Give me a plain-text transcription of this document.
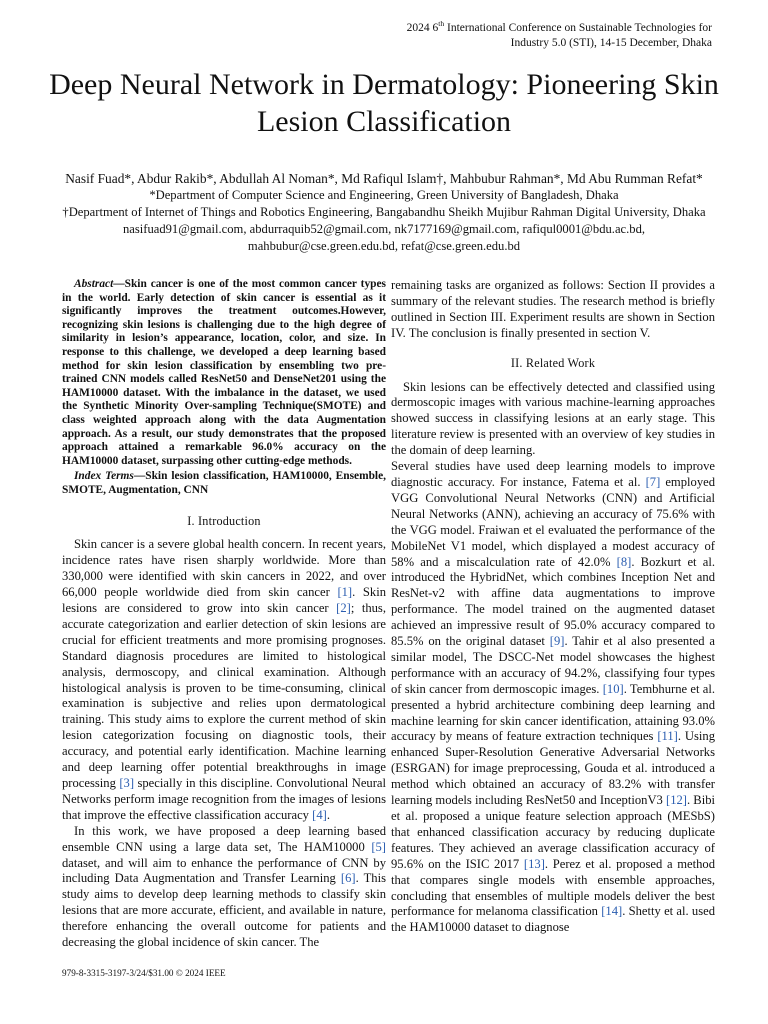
2024 6th International Conference on Sustainable Technologies for Industry 5.0 (STI), 14-15 December, Dhaka
Deep Neural Network in Dermatology: Pioneering Skin Lesion Classification
Nasif Fuad*, Abdur Rakib*, Abdullah Al Noman*, Md Rafiqul Islam†, Mahbubur Rahman*, Md Abu Rumman Refat*
*Department of Computer Science and Engineering, Green University of Bangladesh, Dhaka
†Department of Internet of Things and Robotics Engineering, Bangabandhu Sheikh Mujibur Rahman Digital University, Dhaka
nasifuad91@gmail.com, abdurraquib52@gmail.com, nk7177169@gmail.com, rafiqul0001@bdu.ac.bd,
mahbubur@cse.green.edu.bd, refat@cse.green.edu.bd

Abstract—Skin cancer is one of the most common cancer types in the world. Early detection of skin cancer is essential as it significantly improves the treatment outcomes.However, recognizing skin lesions is challenging due to the high degree of similarity in lesion’s appearance, location, color, and size. In response to this challenge, we developed a deep learning based method for skin lesion classification by ensembling two pre-trained CNN models called ResNet50 and DenseNet201 using the HAM10000 dataset. With the imbalance in the dataset, we used the Synthetic Minority Over-sampling Technique(SMOTE) and class weighted approach along with the data Augmentation approach. As a result, our study demonstrates that the proposed approach attained a remarkable 96.0% accuracy on the HAM10000 dataset, surpassing other cutting-edge methods.

Index Terms—Skin lesion classification, HAM10000, Ensemble, SMOTE, Augmentation, CNN

I. Introduction

Skin cancer is a severe global health concern. In recent years, incidence rates have risen sharply worldwide. More than 330,000 were identified with skin cancers in 2022, and over 66,000 people worldwide died from skin cancer [1]. Skin lesions are considered to grow into skin cancer [2]; thus, accurate categorization and earlier detection of skin lesions are crucial for efficient treatments and more promising prognoses. Standard diagnosis procedures are limited to histological analysis, dermoscopy, and clinical examination. Although histological analysis is proven to be time-consuming, clinical examination is subjective and relies upon dermatological training. This study aims to explore the current method of skin lesion categorization focusing on diagnostic tools, their accuracy, and potential early identification. Machine learning and deep learning offer potential breakthroughs in image processing [3] specially in this discipline. Convolutional Neural Networks perform image recognition from the images of lesions that improve the effective classification accuracy [4].

In this work, we have proposed a deep learning based ensemble CNN using a large data set, The HAM10000 [5] dataset, and will aim to enhance the performance of CNN by including Data Augmentation and Transfer Learning [6]. This study aims to develop deep learning methods to classify skin lesions that are more accurate, efficient, and available in nature, therefore enhancing the overall outcome for patients and decreasing the global incidence of skin cancer. The

remaining tasks are organized as follows: Section II provides a summary of the relevant studies. The research method is briefly outlined in Section III. Experiment results are shown in Section IV. The conclusion is finally presented in section V.

II. Related Work

Skin lesions can be effectively detected and classified using dermoscopic images with various machine-learning approaches showed success in classifying lesions at an early stage. This literature review is presented with an overview of key studies in the domain of deep learning.

Several studies have used deep learning models to improve diagnostic accuracy. For instance, Fatema et al. [7] employed VGG Convolutional Neural Networks (CNN) and Artificial Neural Networks (ANN), achieving an accuracy of 75.6% with the VGG model. Fraiwan et el evaluated the performance of the MobileNet V1 model, which displayed a modest accuracy of 58% and a miscalculation rate of 42.0% [8]. Bozkurt et al. introduced the HybridNet, which combines Inception Net and ResNet-v2 with affine data augmentations to improve performance. The model trained on the augmented dataset achieved an impressive result of 95.0% accuracy compared to 85.5% on the original dataset [9]. Tahir et al also presented a similar model, The DSCC-Net model showcases the highest performance with an accuracy of 94.2%, classifying four types of skin cancer from dermoscopic images. [10]. Tembhurne et al. presented a hybrid architecture combining deep learning and machine learning for skin cancer identification, attaining 93.0% accuracy by means of feature extraction techniques [11]. Using enhanced Super-Resolution Generative Adversarial Networks (ESRGAN) for image preprocessing, Gouda et al. introduced a method which obtained an accuracy of 83.2% with transfer learning models including ResNet50 and InceptionV3 [12]. Bibi et al. proposed a unique feature selection approach (MESbS) that enhanced classification accuracy by reducing duplicate features. They achieved an average classification accuracy of 95.6% on the ISIC 2017 [13]. Perez et al. proposed a method that compares single models with ensemble approaches, concluding that ensembles of multiple models deliver the best performance for melanoma classification [14]. Shetty et al. used the HAM10000 dataset to diagnose

979-8-3315-3197-3/24/$31.00 © 2024 IEEE
